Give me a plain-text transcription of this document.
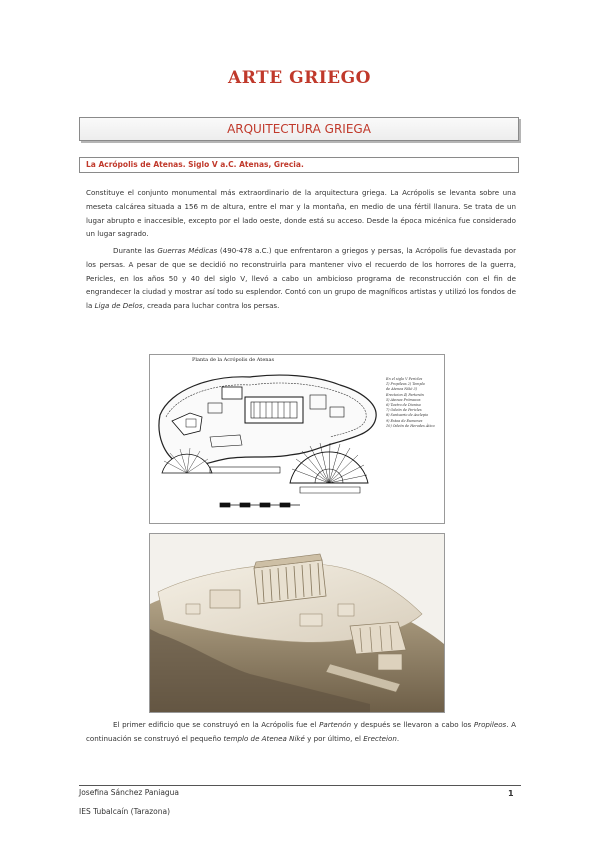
ARTE GRIEGO
ARQUITECTURA GRIEGA
La Acrópolis de Atenas. Siglo V a.C. Atenas, Grecia.

Constituye el conjunto monumental más extraordinario de la arquitectura griega. La Acrópolis se levanta sobre una meseta calcárea situada a 156 m de altura, entre el mar y la montaña, en medio de una fértil llanura. Se trata de un lugar abrupto e inaccesible, excepto por el lado oeste, donde está su acceso. Desde la época micénica fue considerado un lugar sagrado.

Durante las Guerras Médicas (490-478 a.C.) que enfrentaron a griegos y persas, la Acrópolis fue devastada por los persas. A pesar de que se decidió no reconstruirla para mantener vivo el recuerdo de los horrores de la guerra, Pericles, en los años 50 y 40 del siglo V, llevó a cabo un ambicioso programa de reconstrucción con el fin de engrandecer la ciudad y mostrar así todo su esplendor. Contó con un grupo de magníficos artistas y utilizó los fondos de la Liga de Delos, creada para luchar contra los persas.

Planta de la Acrópolis de Atenas
En el siglo V Pericles
1) Propileos 2) Templo
de Atenea Niké 3)
Erecteion 4) Partenón
5) Atenea Prómacos
6) Teatro de Dioniso
7) Odeón de Pericles
8) Santuario de Asclepio
9) Estoa de Eumenes
10) Odeón de Herodes Ático

El primer edificio que se construyó en la Acrópolis fue el Partenón y después se llevaron a cabo los Propileos. A continuación se construyó el pequeño templo de Atenea Niké y por último, el Erecteion.

Josefina Sánchez Paniagua
IES Tubalcaín (Tarazona)
1
